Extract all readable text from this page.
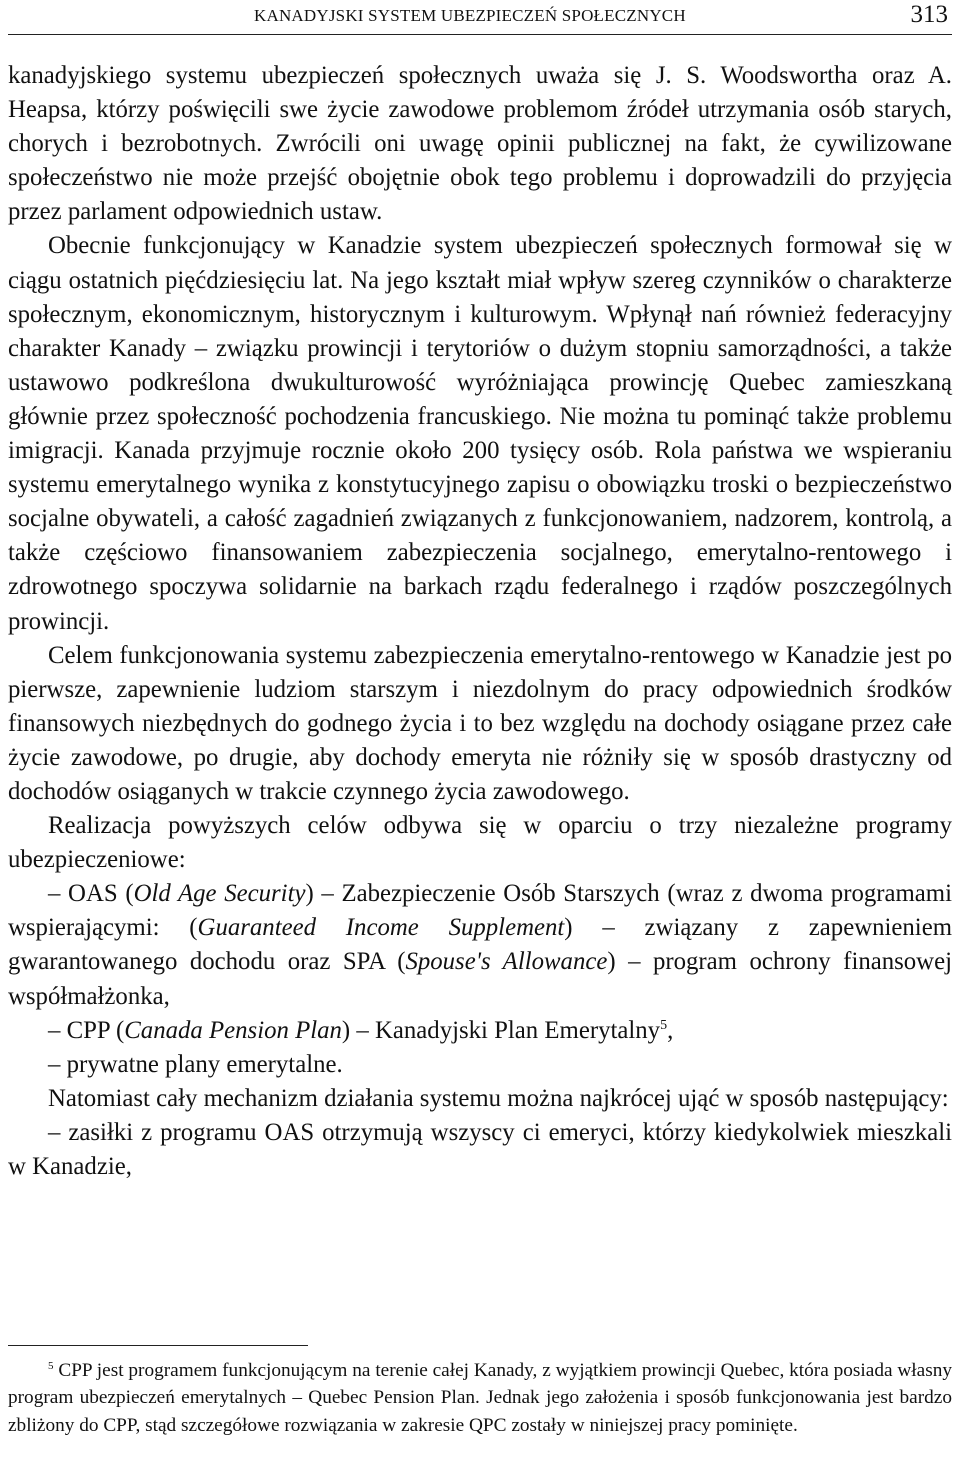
KANADYJSKI SYSTEM UBEZPIECZEŃ SPOŁECZNYCH	313

kanadyjskiego systemu ubezpieczeń społecznych uważa się J. S. Woodswortha oraz A. Heapsa, którzy poświęcili swe życie zawodowe problemom źródeł utrzymania osób starych, chorych i bezrobotnych. Zwrócili oni uwagę opinii publicznej na fakt, że cywilizowane społeczeństwo nie może przejść obojętnie obok tego problemu i doprowadzili do przyjęcia przez parlament odpowiednich ustaw.

Obecnie funkcjonujący w Kanadzie system ubezpieczeń społecznych formował się w ciągu ostatnich pięćdziesięciu lat. Na jego kształt miał wpływ szereg czynników o charakterze społecznym, ekonomicznym, historycznym i kulturowym. Wpłynął nań również federacyjny charakter Kanady – związku prowincji i terytoriów o dużym stopniu samorządności, a także ustawowo podkreślona dwukulturowość wyróżniająca prowincję Quebec zamieszkaną głównie przez społeczność pochodzenia francuskiego. Nie można tu pominąć także problemu imigracji. Kanada przyjmuje rocznie około 200 tysięcy osób. Rola państwa we wspieraniu systemu emerytalnego wynika z konstytucyjnego zapisu o obowiązku troski o bezpieczeństwo socjalne obywateli, a całość zagadnień związanych z funkcjonowaniem, nadzorem, kontrolą, a także częściowo finansowaniem zabezpieczenia socjalnego, emerytalno-rentowego i zdrowotnego spoczywa solidarnie na barkach rządu federalnego i rządów poszczególnych prowincji.

Celem funkcjonowania systemu zabezpieczenia emerytalno-rentowego w Kanadzie jest po pierwsze, zapewnienie ludziom starszym i niezdolnym do pracy odpowiednich środków finansowych niezbędnych do godnego życia i to bez względu na dochody osiągane przez całe życie zawodowe, po drugie, aby dochody emeryta nie różniły się w sposób drastyczny od dochodów osiąganych w trakcie czynnego życia zawodowego.

Realizacja powyższych celów odbywa się w oparciu o trzy niezależne programy ubezpieczeniowe:

– OAS (Old Age Security) – Zabezpieczenie Osób Starszych (wraz z dwoma programami wspierającymi: (Guaranteed Income Supplement) – związany z zapewnieniem gwarantowanego dochodu oraz SPA (Spouse's Allowance) – program ochrony finansowej współmałżonka,

– CPP (Canada Pension Plan) – Kanadyjski Plan Emerytalny$^5$,

– prywatne plany emerytalne.

Natomiast cały mechanizm działania systemu można najkrócej ująć w sposób następujący:

– zasiłki z programu OAS otrzymują wszyscy ci emeryci, którzy kiedykolwiek mieszkali w Kanadzie,

$^5$ CPP jest programem funkcjonującym na terenie całej Kanady, z wyjątkiem prowincji Quebec, która posiada własny program ubezpieczeń emerytalnych – Quebec Pension Plan. Jednak jego założenia i sposób funkcjonowania jest bardzo zbliżony do CPP, stąd szczegółowe rozwiązania w zakresie QPC zostały w niniejszej pracy pominięte.
